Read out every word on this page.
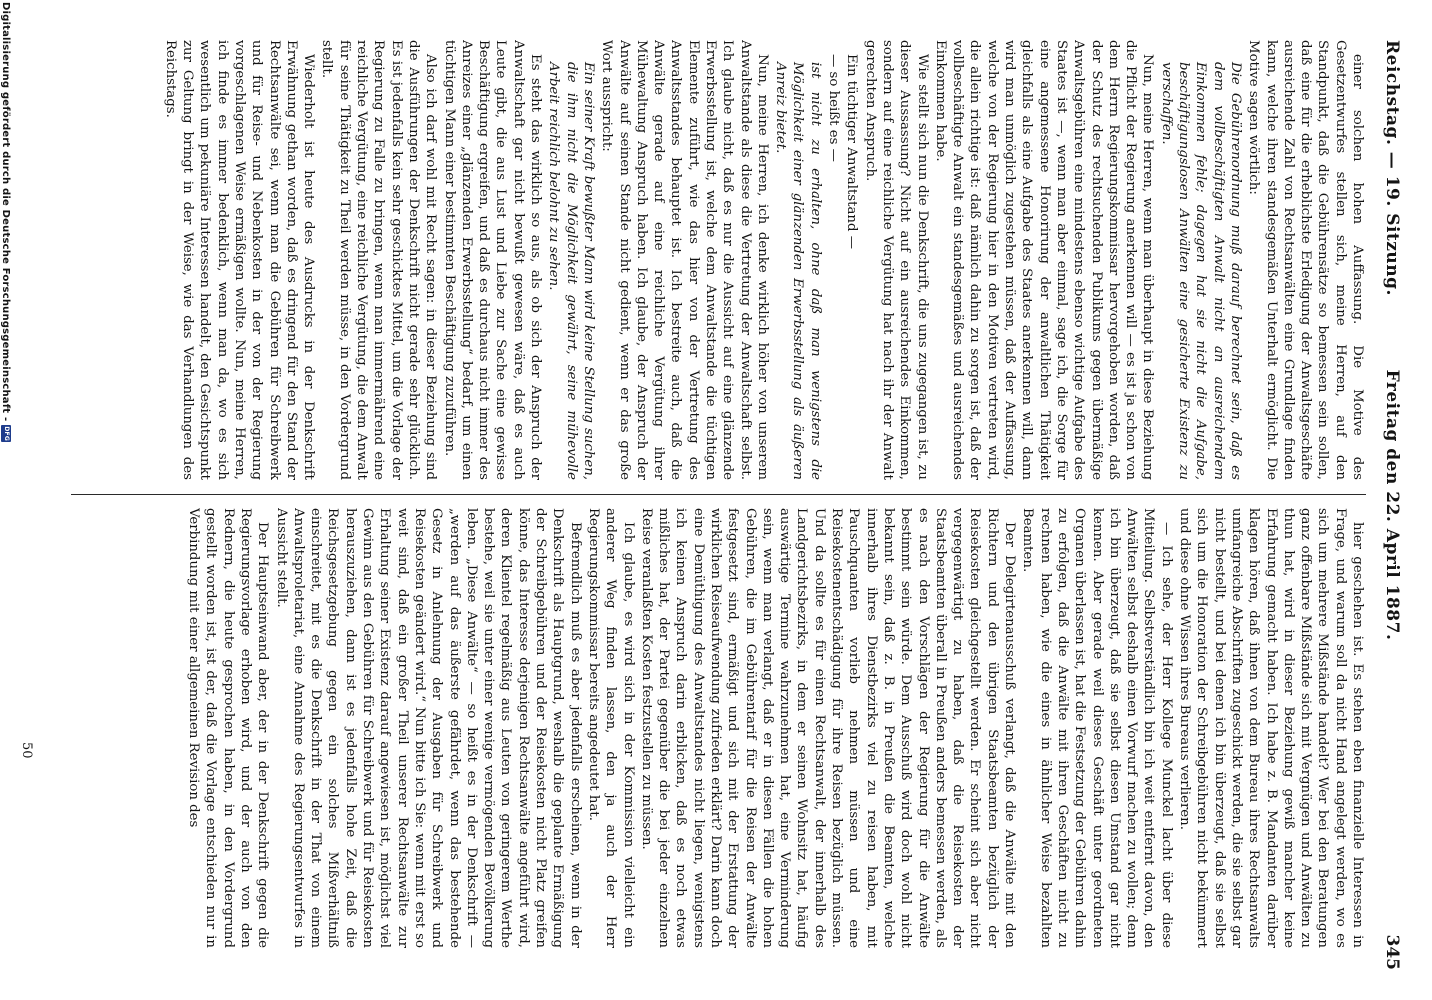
Reichstag. — 19. Sitzung.
Freitag den 22. April 1887.
345

einer solchen hohen Auffassung. Die Motive des Gesetzentwurfes stellen sich, meine Herren, auf den Standpunkt, daß die Gebührensätze so bemessen sein sollen, daß eine für die erheblichste Erledigung der Anwaltsgeschäfte ausreichende Zahl von Rechtsanwälten eine Grundlage finden kann, welche ihren standesgemäßen Unterhalt ermöglicht. Die Motive sagen wörtlich:

Die Gebührenordnung muß darauf berechnet sein, daß es dem vollbeschäftigten Anwalt nicht an ausreichendem Einkommen fehle; dagegen hat sie nicht die Aufgabe, beschäftigungslosen Anwälten eine gesicherte Existenz zu verschaffen.

Nun, meine Herren, wenn man überhaupt in diese Beziehung die Pflicht der Regierung anerkennen will — es ist ja schon von dem Herrn Regierungskommissar hervorgehoben worden, daß der Schutz des rechtsuchenden Publikums gegen übermäßige Anwaltsgebühren eine mindestens ebenso wichtige Aufgabe des Staates ist —, wenn man aber einmal, sage ich, die Sorge für eine angemessene Honorirung der anwaltlichen Thätigkeit gleichfalls als eine Aufgabe des Staates anerkennen will, dann wird man unmöglich zugestehen müssen, daß der Auffassung, welche von der Regierung hier in den Motiven vertreten wird, die allein richtige ist: daß nämlich dahin zu sorgen ist, daß der vollbeschäftigte Anwalt ein standesgemäßes und ausreichendes Einkommen habe.

Wie stellt sich nun die Denkschrift, die uns zugegangen ist, zu dieser Aussassung? Nicht auf ein ausreichendes Einkommen, sondern auf eine reichliche Vergütung hat nach ihr der Anwalt gerechten Anspruch.

Ein tüchtiger Anwaltstand —

— so heißt es —

ist nicht zu erhalten, ohne daß man wenigstens die Möglichkeit einer glänzenden Erwerbsstellung als äußeren Anreiz bietet.

Nun, meine Herren, ich denke wirklich höher von unserem Anwaltstande als diese die Vertretung der Anwaltschaft selbst. Ich glaube nicht, daß es nur die Aussicht auf eine glänzende Erwerbsstellung ist, welche dem Anwaltstande die tüchtigen Elemente zuführt, wie das hier von der Vertretung des Anwaltsstandes behauptet ist. Ich bestreite auch, daß die Anwälte gerade auf eine reichliche Vergütung ihrer Mühewaltung Anspruch haben. Ich glaube, der Anspruch der Anwälte auf seinen Stande nicht gedient, wenn er das große Wort ausspricht:

Ein seiner Kraft bewußter Mann wird keine Stellung suchen, die ihm nicht die Möglichkeit gewährt, seine mühevolle Arbeit reichlich belohnt zu sehen.

Es steht das wirklich so aus, als ob sich der Anspruch der Anwaltschaft gar nicht bewußt gewesen wäre, daß es auch Leute gibt, die aus Lust und Liebe zur Sache eine gewisse Beschäftigung ergreifen, und daß es durchaus nicht immer des Anreizes einer „glänzenden Erwerbsstellung“ bedarf, um einen tüchtigen Mann einer bestimmten Beschäftigung zuzuführen.

Also ich darf wohl mit Recht sagen: in dieser Beziehung sind die Ausführungen der Denkschrift nicht gerade sehr glücklich. Es ist jedenfalls kein sehr geschicktes Mittel, um die Vorlage der Regierung zu Falle zu bringen, wenn man immermährend eine reichliche Vergütung, eine reichliche Vergütung, die dem Anwalt für seine Thätigkeit zu Theil werden müsse, in den Vordergrund stellt.

Wiederholt ist heute des Ausdrucks in der Denkschrift Erwähnung gethan worden, daß es dringend für den Stand der Rechtsanwälte sei, wenn man die Gebühren für Schreibwerk und für Reise- und Nebenkosten in der von der Regierung vorgeschlagenen Weise ermäßigen wollte. Nun, meine Herren, ich finde es immer bedenklich, wenn man da, wo es sich wesentlich um pekuniäre Interessen handelt, den Gesichtspunkt zur Geltung bringt in der Weise, wie das Verhandlungen des Reichstags.

hier geschehen ist. Es stehen eben finanzielle Interessen in Frage, und warum soll da nicht Hand angelegt werden, wo es sich um mehrere Mißstände handelt? Wer bei den Beratungen ganz offenbare Mißstände sich mit Vergnügen und Anwälten zu thun hat, wird in dieser Beziehung gewiß mancher keine Erfahrung gemacht haben. Ich habe z. B. Mandanten darüber klagen hören, daß ihnen von dem Bureau ihres Rechtsanwalts umfangreiche Abschriften zugeschickt werden, die sie selbst gar nicht bestellt, und bei denen ich bin überzeugt, daß sie selbst sich um die Honoration der Schreibgebühren nicht bekümmert und diese ohne Wissen ihres Bureaus verlieren.

— Ich sehe, der Herr Kollege Munckel lacht über diese Mitteilung. Selbstverständlich bin ich weit entfernt davon, den Anwälten selbst deshalb einen Vorwurf machen zu wollen; denn ich bin überzeugt, daß sie selbst diesen Umstand gar nicht kennen. Aber gerade weil dieses Geschäft unter geordneten Organen überlassen ist, hat die Festsetzung der Gebühren dahin zu erfolgen, daß die Anwälte mit ihren Geschäften nicht zu rechnen haben, wie die eines in ähnlicher Weise bezahlten Beamten.

Der Delegirtenausschuß verlangt, daß die Anwälte mit den Richtern und den übrigen Staatsbeamten bezüglich der Reisekosten gleichgestellt werden. Er scheint sich aber nicht vergegenwärtigt zu haben, daß die Reisekosten der Staatsbeamten überall in Preußen anders bemessen werden, als es nach den Vorschlägen der Regierung für die Anwälte bestimmt sein würde. Dem Ausschuß wird doch wohl nicht bekannt sein, daß z. B. in Preußen die Beamten, welche innerhalb ihres Dienstbezirks viel zu reisen haben, mit Pauschquanten vorlieb nehmen müssen und eine Reisekostenentschädigung für ihre Reisen bezüglich müssen. Und da sollte es für einen Rechtsanwalt, der innerhalb des Landgerichtsbezirks, in dem er seinen Wohnsitz hat, häufig auswärtige Termine wahrzunehmen hat, eine Verminderung sein, wenn man verlangt, daß er in diesen Fällen die hohen Gebühren, die im Gebührentarif für die Reisen der Anwälte festgesetzt sind, ermäßigt und sich mit der Erstattung der wirklichen Reiseaufwendung zufrieden erklärt? Darin kann doch eine Demüthigung des Anwaltstandes nicht liegen, wenigstens ich keinen Anspruch darin erblicken, daß es noch etwas mißliches hat, der Partei gegenüber die bei jeder einzelnen Reise veranlaßten Kosten festzustellen zu müssen.

Ich glaube, es wird sich in der Kommission vielleicht ein anderer Weg finden lassen, den ja auch der Herr Regierungskommissar bereits angedeutet hat.

Befremdlich muß es aber jedenfalls erscheinen, wenn in der Denkschrift als Hauptgrund, weshalb die geplante Ermäßigung der Schreibgebühren und der Reisekosten nicht Platz greifen könne, das Interesse derjenigen Rechtsanwälte angeführt wird, deren Klientel regelmäßig aus Leuten von geringerem Werthe bestehe, weil sie unter einer wenige vermögenden Bevölkerung leben. „Diese Anwälte“ — so heißt es in der Denkschrift — „werden auf das äußerste gefährdet, wenn das bestehende Gesetz in Anlehnung der Ausgaben für Schreibwerk und Reisekosten geändert wird.“ Nun bitte ich Sie: wenn mit erst so weit sind, daß ein großer Theil unserer Rechtsanwälte zur Erhaltung seiner Existenz darauf angewiesen ist, möglichst viel Gewinn aus den Gebühren für Schreibwerk und für Reisekosten herauszuziehen, dann ist es jedenfalls hohe Zeit, daß die Reichsgesetzgebung gegen ein solches Mißverhältniß einschreitet, mit es die Denkschrift in der That von einem Anwaltsproletariat, eine Annahme des Regierungsentwurfes in Aussicht stellt.

Der Hauptseinwand aber, der in der Denkschrift gegen die Regierungsvorlage erhoben wird, und der auch von den Rednern, die heute gesprochen haben, in den Vordergrund gestellt worden ist, ist der, daß die Vorlage entschieden nur in Verbindung mit einer allgemeinen Revision des

50
Digitalisierung gefördert durch die Deutsche Forschungsgemeinschaft -
DFG
